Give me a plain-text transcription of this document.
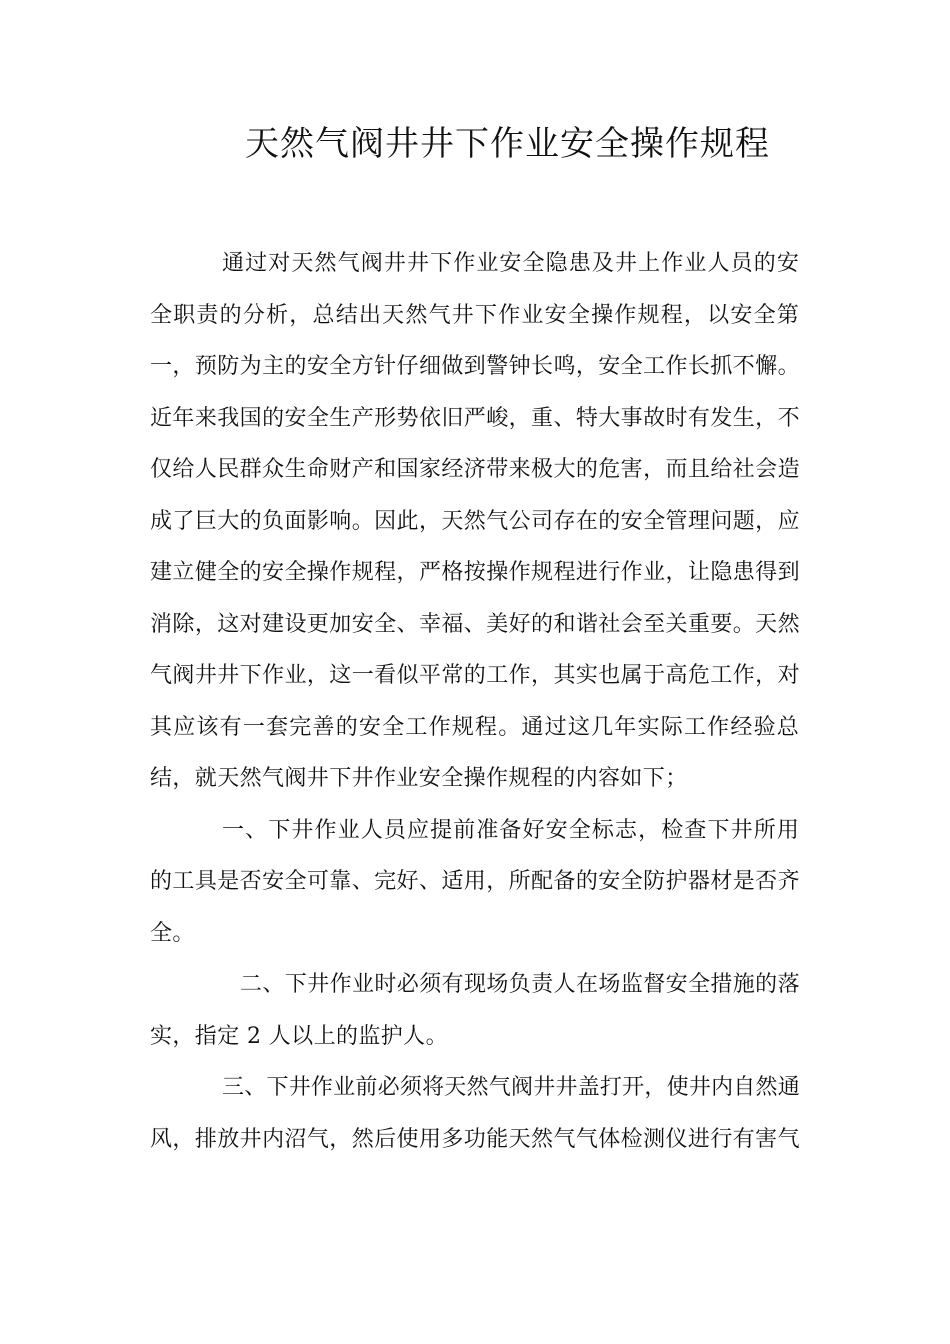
天然气阀井井下作业安全操作规程
通过对天然气阀井井下作业安全隐患及井上作业人员的安
全职责的分析，总结出天然气井下作业安全操作规程，以安全第
一，预防为主的安全方针仔细做到警钟长鸣，安全工作长抓不懈。
近年来我国的安全生产形势依旧严峻，重、特大事故时有发生，不
仅给人民群众生命财产和国家经济带来极大的危害，而且给社会造
成了巨大的负面影响。因此，天然气公司存在的安全管理问题，应
建立健全的安全操作规程，严格按操作规程进行作业，让隐患得到
消除，这对建设更加安全、幸福、美好的和谐社会至关重要。天然
气阀井井下作业，这一看似平常的工作，其实也属于高危工作，对
其应该有一套完善的安全工作规程。通过这几年实际工作经验总
结，就天然气阀井下井作业安全操作规程的内容如下；
一、下井作业人员应提前准备好安全标志，检查下井所用
的工具是否安全可靠、完好、适用，所配备的安全防护器材是否齐
全。
二、下井作业时必须有现场负责人在场监督安全措施的落
实，指定 2 人以上的监护人。
三、下井作业前必须将天然气阀井井盖打开，使井内自然通
风，排放井内沼气，然后使用多功能天然气气体检测仪进行有害气
